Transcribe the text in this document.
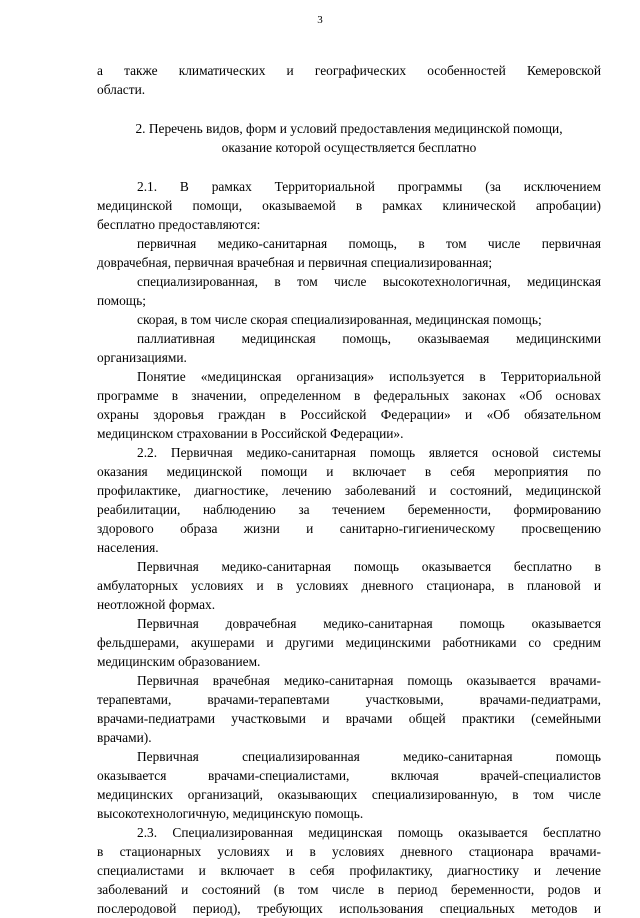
3
а также климатических и географических особенностей Кемеровской
области.
2. Перечень видов, форм и условий предоставления медицинской помощи,
оказание которой осуществляется бесплатно
2.1. В рамках Территориальной программы (за исключением
медицинской помощи, оказываемой в рамках клинической апробации)
бесплатно предоставляются:
первичная медико-санитарная помощь, в том числе первичная
доврачебная, первичная врачебная и первичная специализированная;
специализированная, в том числе высокотехнологичная, медицинская
помощь;
скорая, в том числе скорая специализированная, медицинская помощь;
паллиативная медицинская помощь, оказываемая медицинскими
организациями.
Понятие «медицинская организация» используется в Территориальной
программе в значении, определенном в федеральных законах «Об основах
охраны здоровья граждан в Российской Федерации» и «Об обязательном
медицинском страховании в Российской Федерации».
2.2. Первичная медико-санитарная помощь является основой системы
оказания медицинской помощи и включает в себя мероприятия по
профилактике, диагностике, лечению заболеваний и состояний, медицинской
реабилитации, наблюдению за течением беременности, формированию
здорового образа жизни и санитарно-гигиеническому просвещению
населения.
Первичная медико-санитарная помощь оказывается бесплатно в
амбулаторных условиях и в условиях дневного стационара, в плановой и
неотложной формах.
Первичная доврачебная медико-санитарная помощь оказывается
фельдшерами, акушерами и другими медицинскими работниками со средним
медицинским образованием.
Первичная врачебная медико-санитарная помощь оказывается врачами-
терапевтами, врачами-терапевтами участковыми, врачами-педиатрами,
врачами-педиатрами участковыми и врачами общей практики (семейными
врачами).
Первичная специализированная медико-санитарная помощь
оказывается врачами-специалистами, включая врачей-специалистов
медицинских организаций, оказывающих специализированную, в том числе
высокотехнологичную, медицинскую помощь.
2.3. Специализированная медицинская помощь оказывается бесплатно
в стационарных условиях и в условиях дневного стационара врачами-
специалистами и включает в себя профилактику, диагностику и лечение
заболеваний и состояний (в том числе в период беременности, родов и
послеродовой период), требующих использования специальных методов и
